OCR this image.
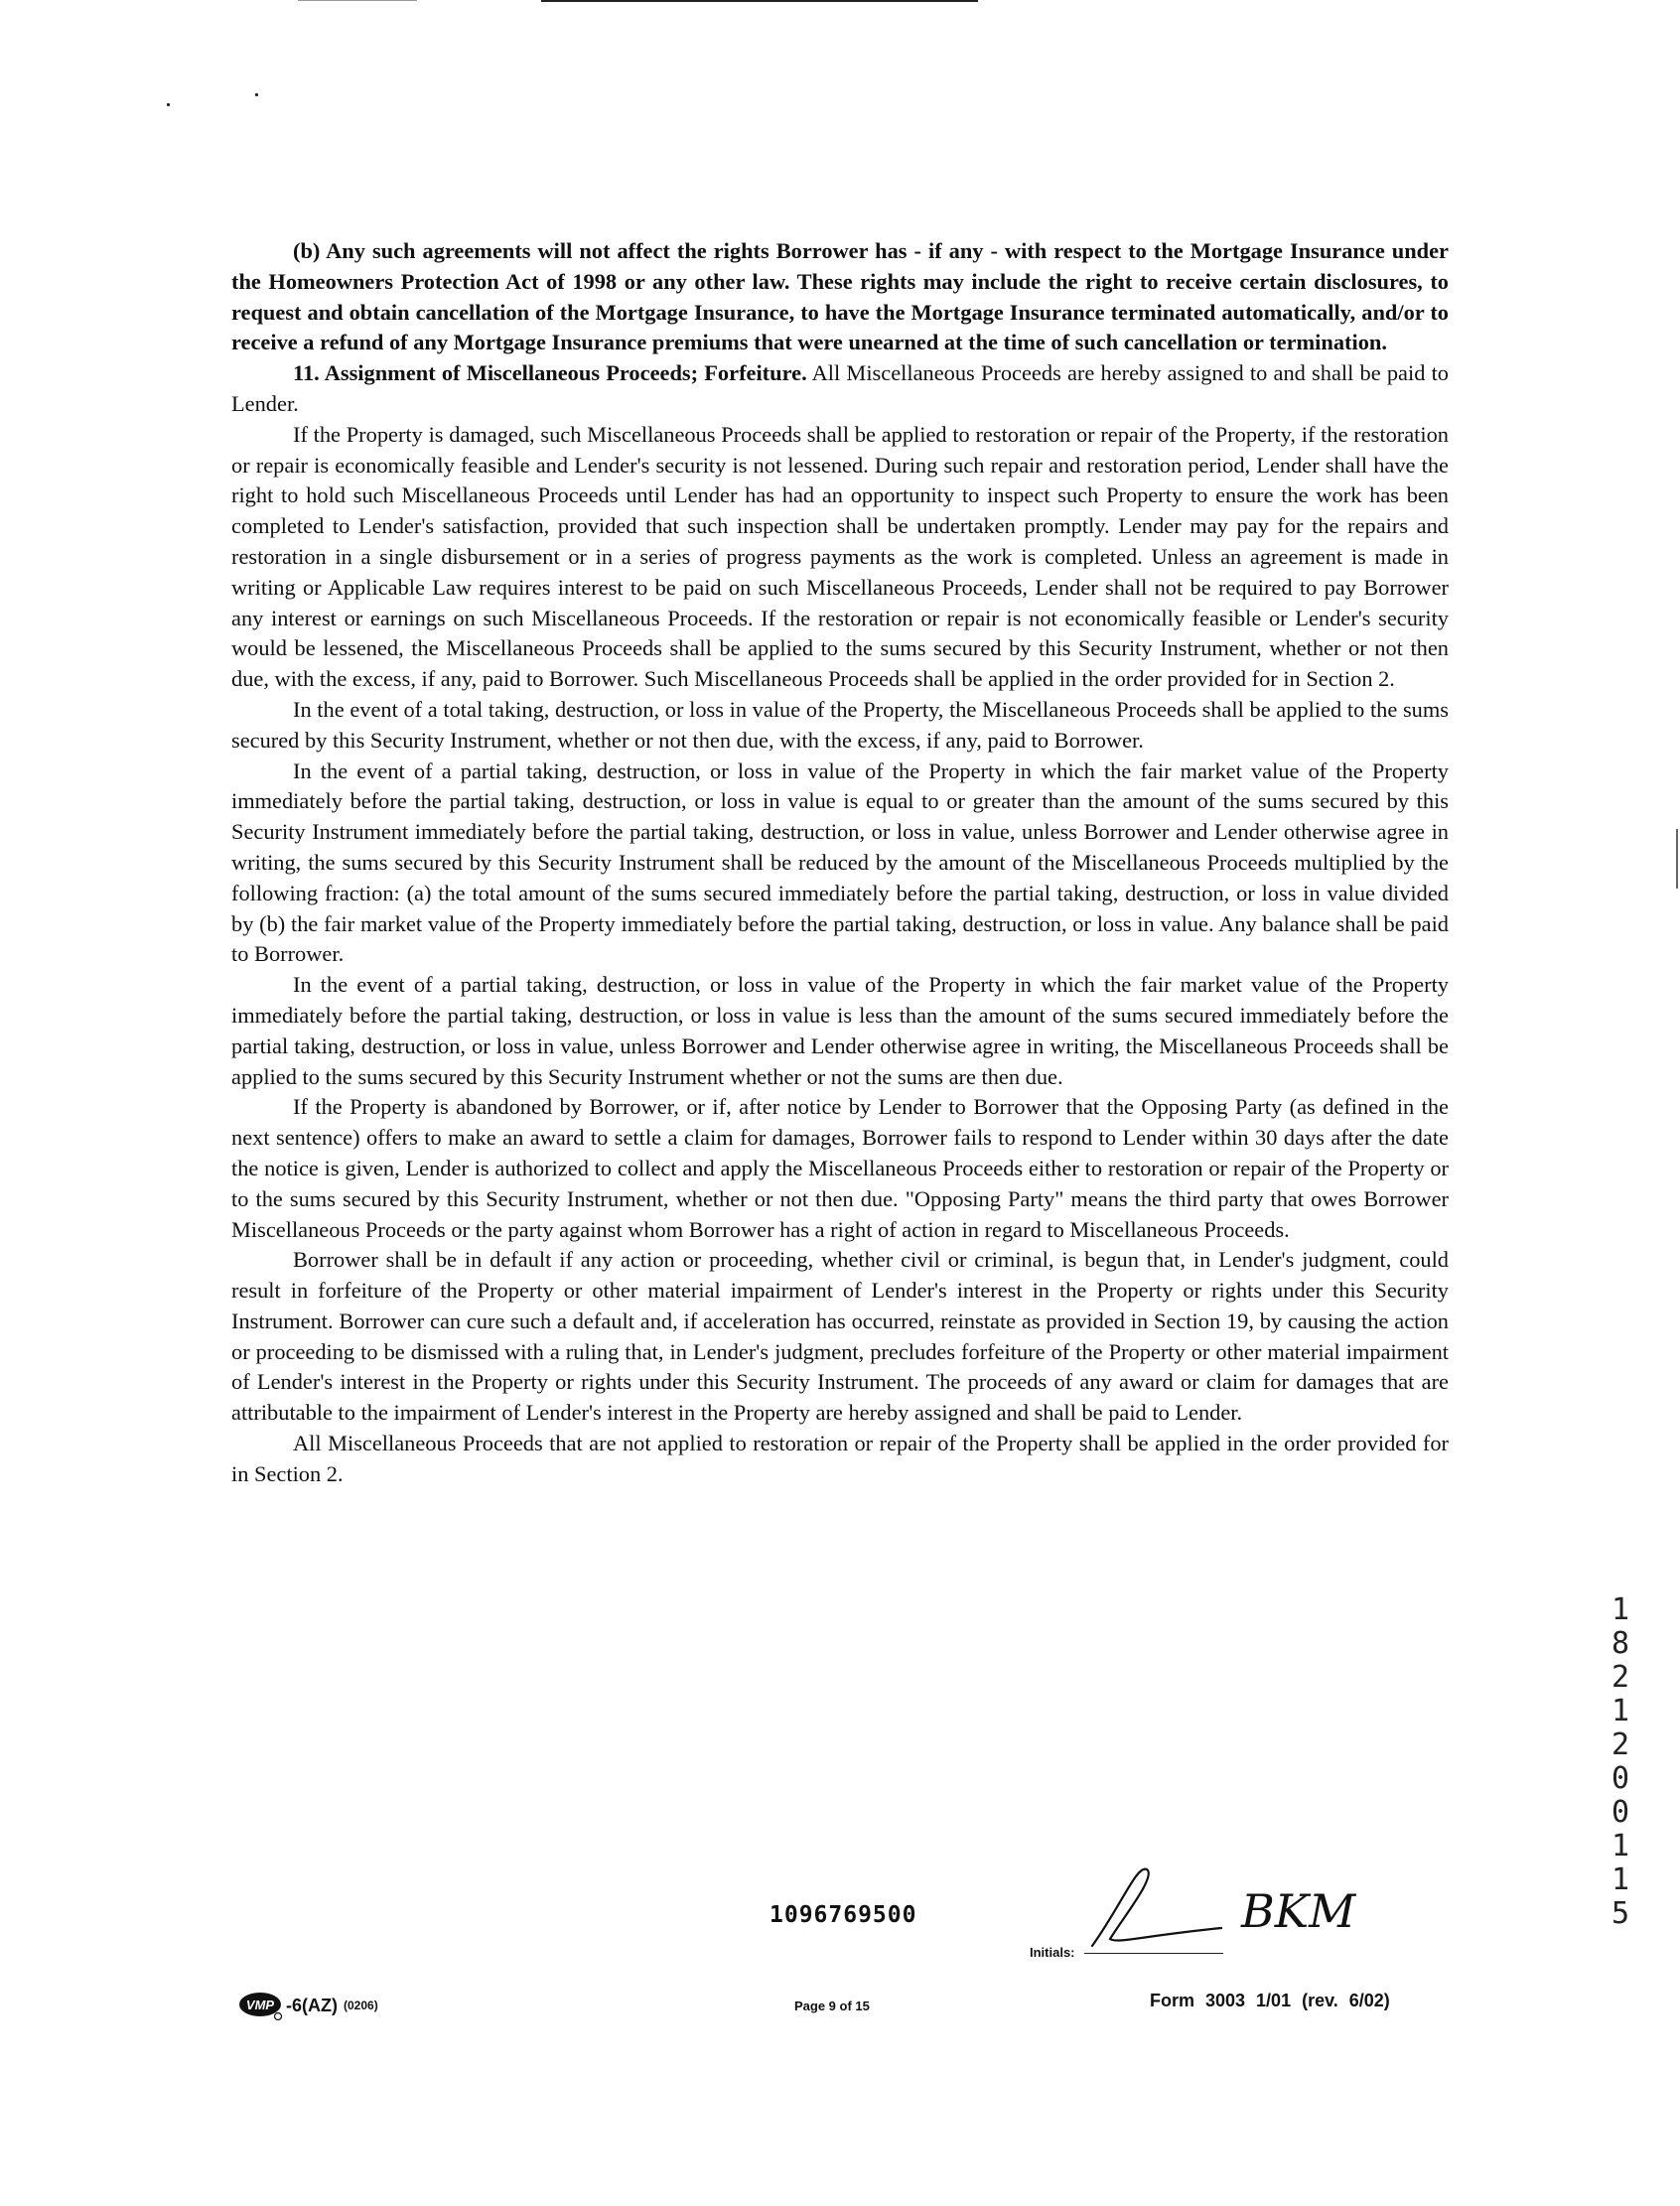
(b) Any such agreements will not affect the rights Borrower has - if any - with respect to the Mortgage Insurance under the Homeowners Protection Act of 1998 or any other law. These rights may include the right to receive certain disclosures, to request and obtain cancellation of the Mortgage Insurance, to have the Mortgage Insurance terminated automatically, and/or to receive a refund of any Mortgage Insurance premiums that were unearned at the time of such cancellation or termination.

11. Assignment of Miscellaneous Proceeds; Forfeiture. All Miscellaneous Proceeds are hereby assigned to and shall be paid to Lender.

If the Property is damaged, such Miscellaneous Proceeds shall be applied to restoration or repair of the Property, if the restoration or repair is economically feasible and Lender's security is not lessened. During such repair and restoration period, Lender shall have the right to hold such Miscellaneous Proceeds until Lender has had an opportunity to inspect such Property to ensure the work has been completed to Lender's satisfaction, provided that such inspection shall be undertaken promptly. Lender may pay for the repairs and restoration in a single disbursement or in a series of progress payments as the work is completed. Unless an agreement is made in writing or Applicable Law requires interest to be paid on such Miscellaneous Proceeds, Lender shall not be required to pay Borrower any interest or earnings on such Miscellaneous Proceeds. If the restoration or repair is not economically feasible or Lender's security would be lessened, the Miscellaneous Proceeds shall be applied to the sums secured by this Security Instrument, whether or not then due, with the excess, if any, paid to Borrower. Such Miscellaneous Proceeds shall be applied in the order provided for in Section 2.

In the event of a total taking, destruction, or loss in value of the Property, the Miscellaneous Proceeds shall be applied to the sums secured by this Security Instrument, whether or not then due, with the excess, if any, paid to Borrower.

In the event of a partial taking, destruction, or loss in value of the Property in which the fair market value of the Property immediately before the partial taking, destruction, or loss in value is equal to or greater than the amount of the sums secured by this Security Instrument immediately before the partial taking, destruction, or loss in value, unless Borrower and Lender otherwise agree in writing, the sums secured by this Security Instrument shall be reduced by the amount of the Miscellaneous Proceeds multiplied by the following fraction: (a) the total amount of the sums secured immediately before the partial taking, destruction, or loss in value divided by (b) the fair market value of the Property immediately before the partial taking, destruction, or loss in value. Any balance shall be paid to Borrower.

In the event of a partial taking, destruction, or loss in value of the Property in which the fair market value of the Property immediately before the partial taking, destruction, or loss in value is less than the amount of the sums secured immediately before the partial taking, destruction, or loss in value, unless Borrower and Lender otherwise agree in writing, the Miscellaneous Proceeds shall be applied to the sums secured by this Security Instrument whether or not the sums are then due.

If the Property is abandoned by Borrower, or if, after notice by Lender to Borrower that the Opposing Party (as defined in the next sentence) offers to make an award to settle a claim for damages, Borrower fails to respond to Lender within 30 days after the date the notice is given, Lender is authorized to collect and apply the Miscellaneous Proceeds either to restoration or repair of the Property or to the sums secured by this Security Instrument, whether or not then due. "Opposing Party" means the third party that owes Borrower Miscellaneous Proceeds or the party against whom Borrower has a right of action in regard to Miscellaneous Proceeds.

Borrower shall be in default if any action or proceeding, whether civil or criminal, is begun that, in Lender's judgment, could result in forfeiture of the Property or other material impairment of Lender's interest in the Property or rights under this Security Instrument. Borrower can cure such a default and, if acceleration has occurred, reinstate as provided in Section 19, by causing the action or proceeding to be dismissed with a ruling that, in Lender's judgment, precludes forfeiture of the Property or other material impairment of Lender's interest in the Property or rights under this Security Instrument. The proceeds of any award or claim for damages that are attributable to the impairment of Lender's interest in the Property are hereby assigned and shall be paid to Lender.

All Miscellaneous Proceeds that are not applied to restoration or repair of the Property shall be applied in the order provided for in Section 2.

1096769500	BKM
Initials:
VMP -6(AZ) (0206)	Page 9 of 15	Form 3003 1/01 (rev. 6/02)
1
8
2
1
2
0
0
1
1
5
